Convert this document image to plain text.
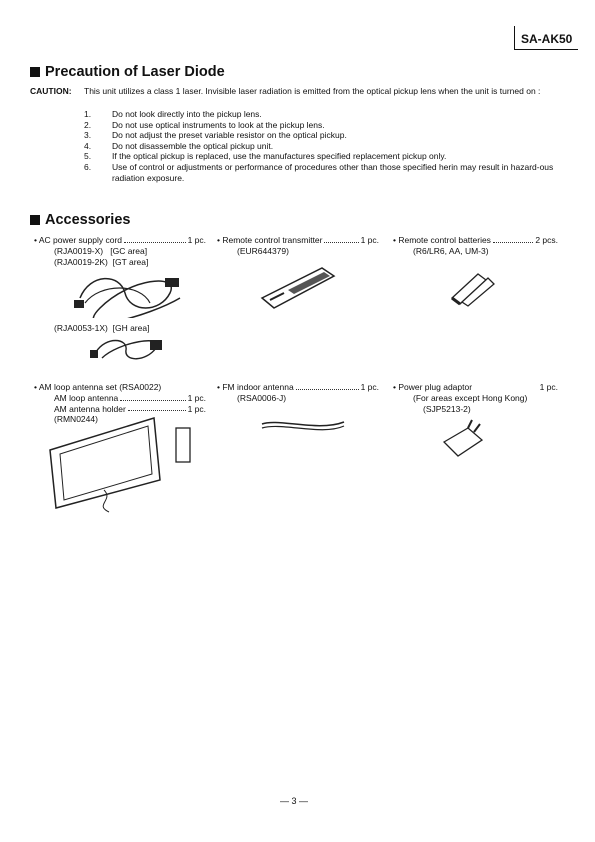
SA-AK50
Precaution of Laser Diode
CAUTION: This unit utilizes a class 1 laser. Invisible laser radiation is emitted from the optical pickup lens when the unit is turned on :
1.	Do not look directly into the pickup lens.
2.	Do not use optical instruments to look at the pickup lens.
3.	Do not adjust the preset variable resistor on the optical pickup.
4.	Do not disassemble the optical pickup unit.
5.	If the optical pickup is replaced, use the manufactures specified replacement pickup only.
6.	Use of control or adjustments or performance of procedures other than those specified herin may result in hazard-ous radiation exposure.
Accessories
• AC power supply cord	1 pc.
(RJA0019-X) [GC area]
(RJA0019-2K) [GT area]
(RJA0053-1X) [GH area]
• Remote control transmitter	1 pc.
(EUR644379)
• Remote control batteries	2 pcs.
(R6/LR6, AA, UM-3)
• AM loop antenna set (RSA0022)
AM loop antenna	1 pc.
AM antenna holder	1 pc.
(RMN0244)
• FM indoor antenna	1 pc.
(RSA0006-J)
• Power plug adaptor	1 pc.
(For areas except Hong Kong)
(SJP5213-2)
— 3 —
